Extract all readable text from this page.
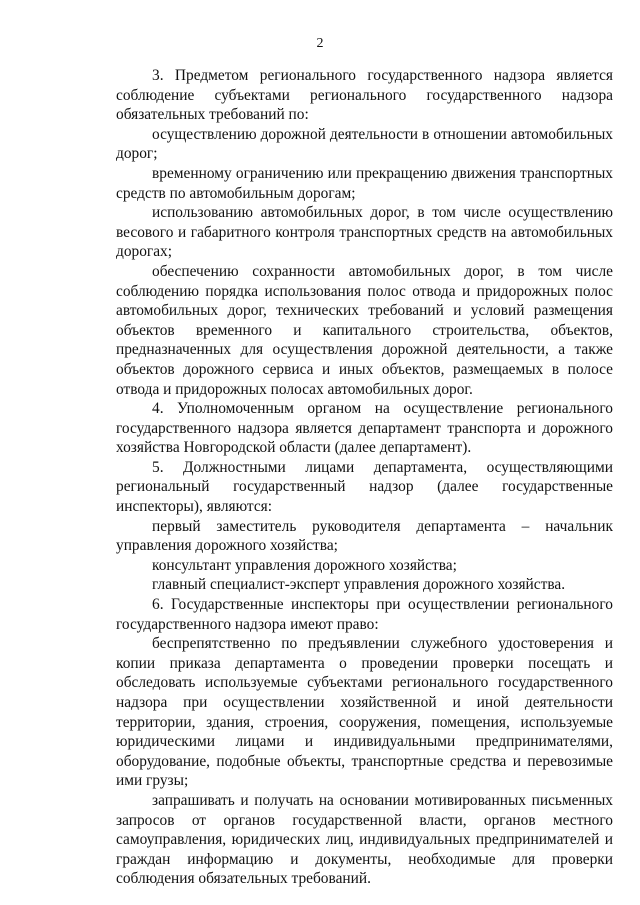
2

3. Предметом регионального государственного надзора является соблюдение субъектами регионального государственного надзора обязательных требований по:

осуществлению дорожной деятельности в отношении автомобильных дорог;

временному ограничению или прекращению движения транспортных средств по автомобильным дорогам;

использованию автомобильных дорог, в том числе осуществлению весового и габаритного контроля транспортных средств на автомобильных дорогах;

обеспечению сохранности автомобильных дорог, в том числе соблюдению порядка использования полос отвода и придорожных полос автомобильных дорог, технических требований и условий размещения объектов временного и капитального строительства, объектов, предназначенных для осуществления дорожной деятельности, а также объектов дорожного сервиса и иных объектов, размещаемых в полосе отвода и придорожных полосах автомобильных дорог.

4. Уполномоченным органом на осуществление регионального государственного надзора является департамент транспорта и дорожного хозяйства Новгородской области (далее департамент).

5. Должностными лицами департамента, осуществляющими региональный государственный надзор (далее государственные инспекторы), являются:

первый заместитель руководителя департамента – начальник управления дорожного хозяйства;

консультант управления дорожного хозяйства;

главный специалист-эксперт управления дорожного хозяйства.

6. Государственные инспекторы при осуществлении регионального государственного надзора имеют право:

беспрепятственно по предъявлении служебного удостоверения и копии приказа департамента о проведении проверки посещать и обследовать используемые субъектами регионального государственного надзора при осуществлении хозяйственной и иной деятельности территории, здания, строения, сооружения, помещения, используемые юридическими лицами и индивидуальными предпринимателями, оборудование, подобные объекты, транспортные средства и перевозимые ими грузы;

запрашивать и получать на основании мотивированных письменных запросов от органов государственной власти, органов местного самоуправления, юридических лиц, индивидуальных предпринимателей и граждан информацию и документы, необходимые для проверки соблюдения обязательных требований.
